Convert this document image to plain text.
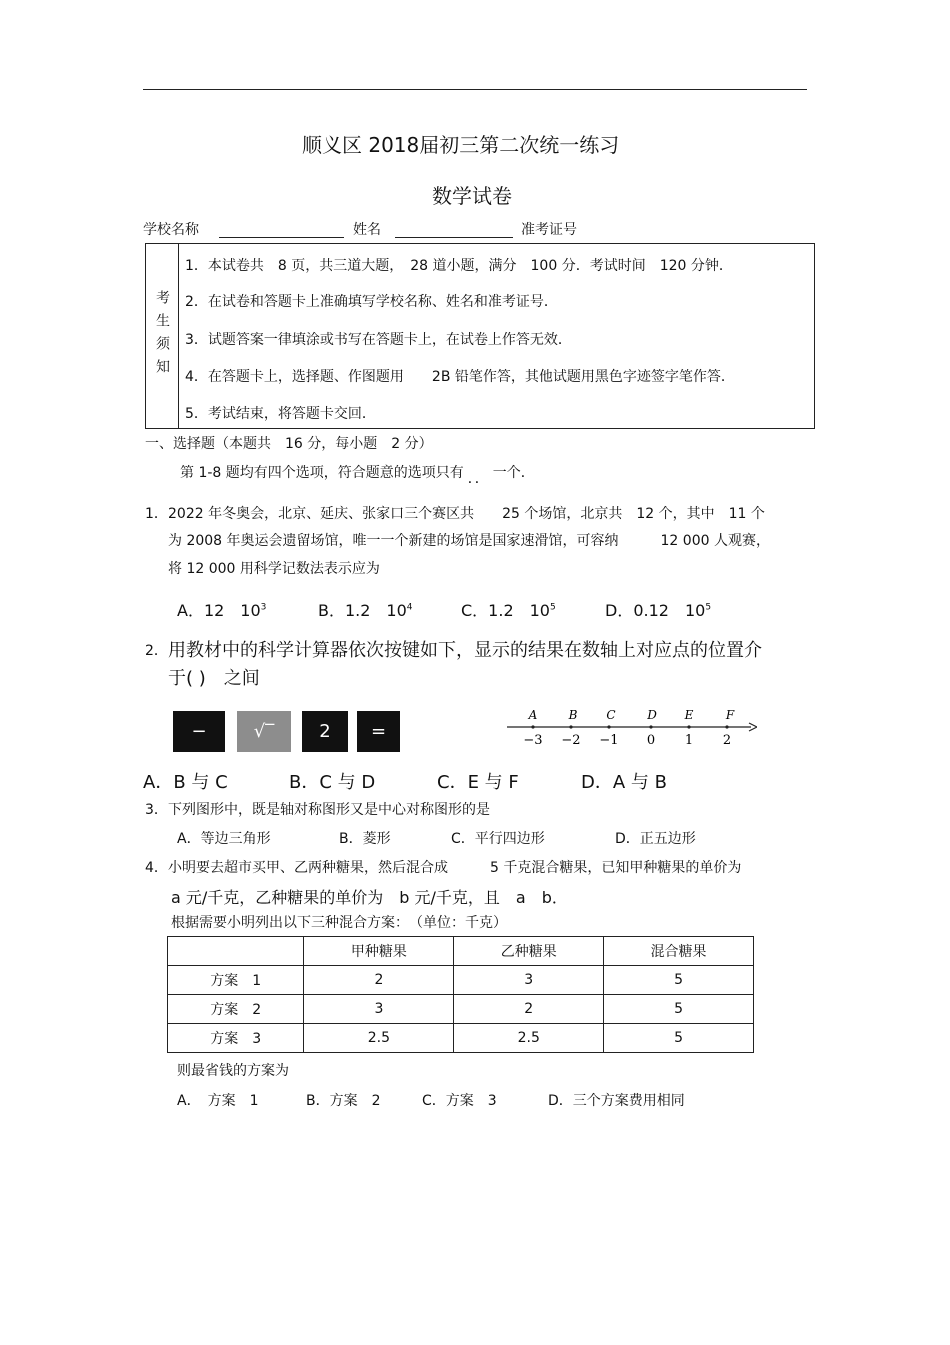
顺义区 2018届初三第二次统一练习
数学试卷
学校名称	姓名	准考证号
考生须知
1．本试卷共　8 页，共三道大题，　28 道小题，满分　100 分．考试时间　120 分钟．
2．在试卷和答题卡上准确填写学校名称、姓名和准考证号．
3．试题答案一律填涂或书写在答题卡上，在试卷上作答无效．
4．在答题卡上，选择题、作图题用　　2B 铅笔作答，其他试题用黑色字迹签字笔作答．
5．考试结束，将答题卡交回．
一、选择题（本题共　16 分，每小题　2 分）
第 1-8 题均有四个选项，符合题意的选项只有 ．． 一个．
1． 2022 年冬奥会，北京、延庆、张家口三个赛区共　　25 个场馆，北京共　12 个，其中　11 个
为 2008 年奥运会遗留场馆，唯一一个新建的场馆是国家速滑馆，可容纳　　　12 000 人观赛，
将 12 000 用科学记数法表示应为
A．12　$10^3$	B．1.2　$10^4$	C．1.2　$10^5$	D．0.12　$10^5$
2． 用教材中的科学计算器依次按键如下，显示的结果在数轴上对应点的位置介
于( )　之间
−	√‾	2	=
A
−3
B
−2
C
−1
D
0
E
1
F
2
A．B 与 C	B．C 与 D	C．E 与 F	D．A 与 B
3． 下列图形中，既是轴对称图形又是中心对称图形的是
A．等边三角形	B．菱形	C．平行四边形	D．正五边形
4． 小明要去超市买甲、乙两种糖果，然后混合成　　　5 千克混合糖果，已知甲种糖果的单价为
a 元/千克，乙种糖果的单价为　b 元/千克，且　a　b．
根据需要小明列出以下三种混合方案：　（单位：千克）
	甲种糖果	乙种糖果	混合糖果
方案　1	2	3	5
方案　2	3	2	5
方案　3	2.5	2.5	5
则最省钱的方案为
A．　方案　1	B．方案　2	C．方案　3	D．三个方案费用相同
